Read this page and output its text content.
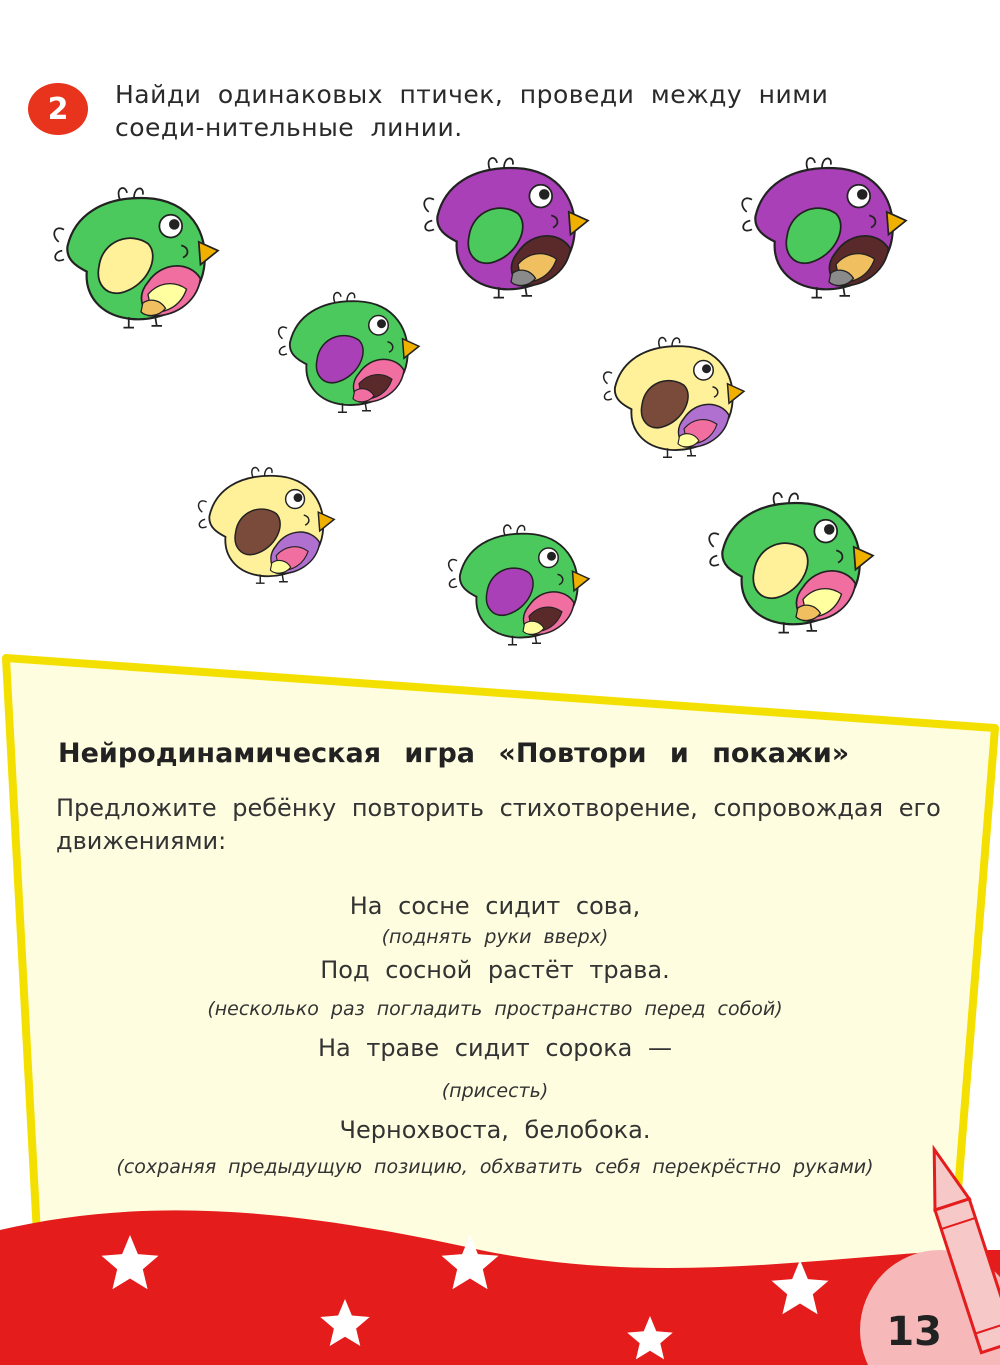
2	Найди одинаковых птичек, проведи между ними соеди-нительные линии.

Нейродинамическая игра «Повтори и покажи»

Предложите ребёнку повторить стихотворение, сопровождая его движениями:

На сосне сидит сова,

(поднять руки вверх)

Под сосной растёт трава.

(несколько раз погладить пространство перед собой)

На траве сидит сорока —

(присесть)

Чернохвоста, белобока.

(сохраняя предыдущую позицию, обхватить себя перекрёстно руками)

13
